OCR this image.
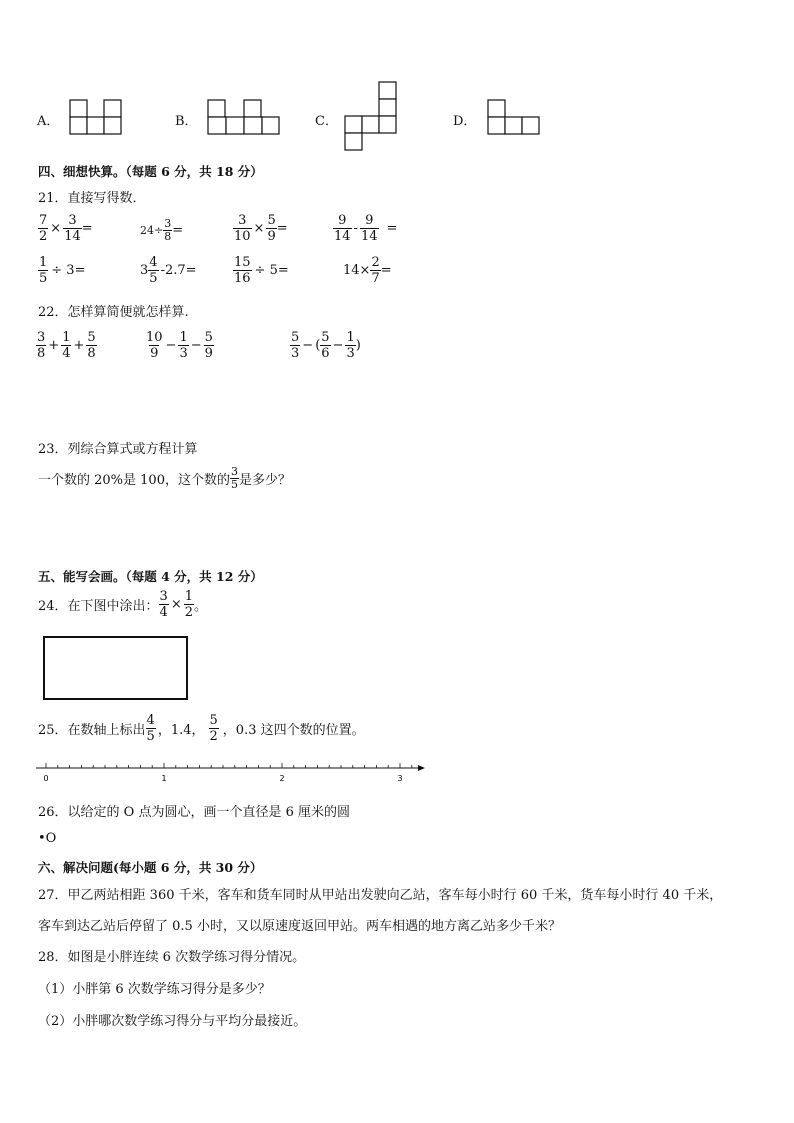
A．	B．	C．	D．
四、细想快算。（每题 6 分，共 18 分）
21．直接写得数．
$\frac{7}{2} \times \frac{3}{14}$ =	$24\div \frac{3}{8}$ =	$\frac{3}{10} \times \frac{5}{9}$ =	$\frac{9}{14} - \frac{9}{14}$ =
$\frac{1}{5} \div 3=$	$3 \frac{4}{5} -2.7=$	$\frac{15}{16} \div 5=$	$14\times \frac{2}{7}$ =
22．怎样算简便就怎样算.
$\frac{3}{8} + \frac{1}{4} + \frac{5}{8}$	$\frac{10}{9} - \frac{1}{3} - \frac{5}{9}$	$\frac{5}{3}$ − ( $\frac{5}{6} - \frac{1}{3}$ )
23．列综合算式或方程计算
一个数的 20%是 100，这个数的 $\frac{3}{5}$ 是多少？
五、能写会画。（每题 4 分，共 12 分）
24．在下图中涂出： $\frac{3}{4} \times \frac{1}{2}$ 。
25．在数轴上标出 $\frac{4}{5}$ ，1.4， $\frac{5}{2}$ ，0.3 这四个数的位置。
0	1	2	3
26．以给定的 O 点为圆心，画一个直径是 6 厘米的圆
•O
六、解决问题(每小题 6 分，共 30 分）
27．甲乙两站相距 360 千米，客车和货车同时从甲站出发驶向乙站，客车每小时行 60 千米，货车每小时行 40 千米，
客车到达乙站后停留了 0.5 小时，又以原速度返回甲站。两车相遇的地方离乙站多少千米？
28．如图是小胖连续 6 次数学练习得分情况。
（1）小胖第 6 次数学练习得分是多少？
（2）小胖哪次数学练习得分与平均分最接近。
